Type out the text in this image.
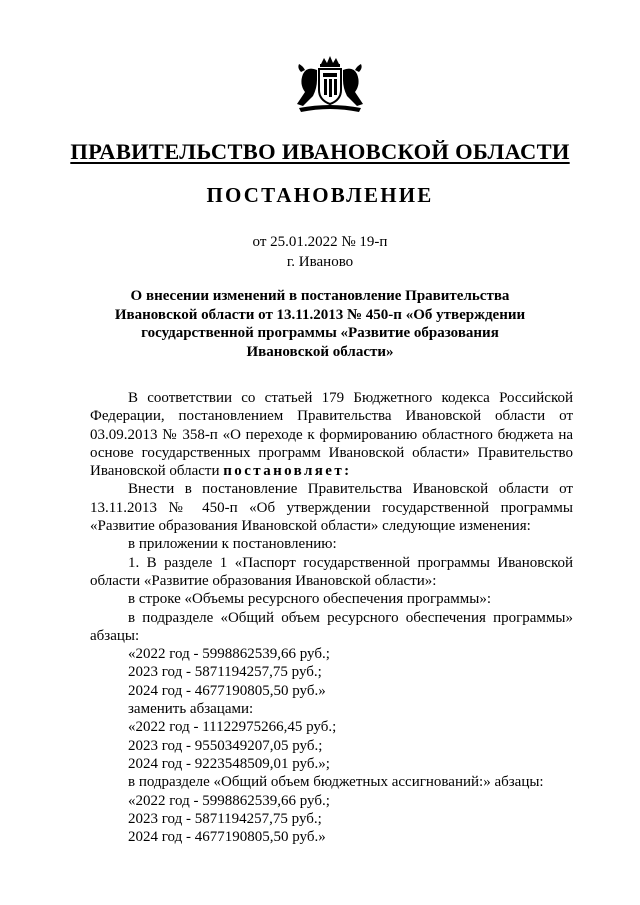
ПРАВИТЕЛЬСТВО ИВАНОВСКОЙ ОБЛАСТИ
ПОСТАНОВЛЕНИЕ
от 25.01.2022 № 19-п
г. Иваново
О внесении изменений в постановление Правительства
Ивановской области от 13.11.2013 № 450-п «Об утверждении
государственной программы «Развитие образования
Ивановской области»

В соответствии со статьей 179 Бюджетного кодекса Российской Федерации, постановлением Правительства Ивановской области от 03.09.2013 № 358-п «О переходе к формированию областного бюджета на основе государственных программ Ивановской области» Правительство Ивановской области постановляет:

Внести в постановление Правительства Ивановской области от 13.11.2013 № 450-п «Об утверждении государственной программы «Развитие образования Ивановской области» следующие изменения:

в приложении к постановлению:

1. В разделе 1 «Паспорт государственной программы Ивановской области «Развитие образования Ивановской области»:

в строке «Объемы ресурсного обеспечения программы»:

в подразделе «Общий объем ресурсного обеспечения программы» абзацы:

«2022 год - 5998862539,66 руб.;

2023 год - 5871194257,75 руб.;

2024 год - 4677190805,50 руб.»

заменить абзацами:

«2022 год - 11122975266,45 руб.;

2023 год - 9550349207,05 руб.;

2024 год - 9223548509,01 руб.»;

в подразделе «Общий объем бюджетных ассигнований:» абзацы:

«2022 год - 5998862539,66 руб.;

2023 год - 5871194257,75 руб.;

2024 год - 4677190805,50 руб.»
